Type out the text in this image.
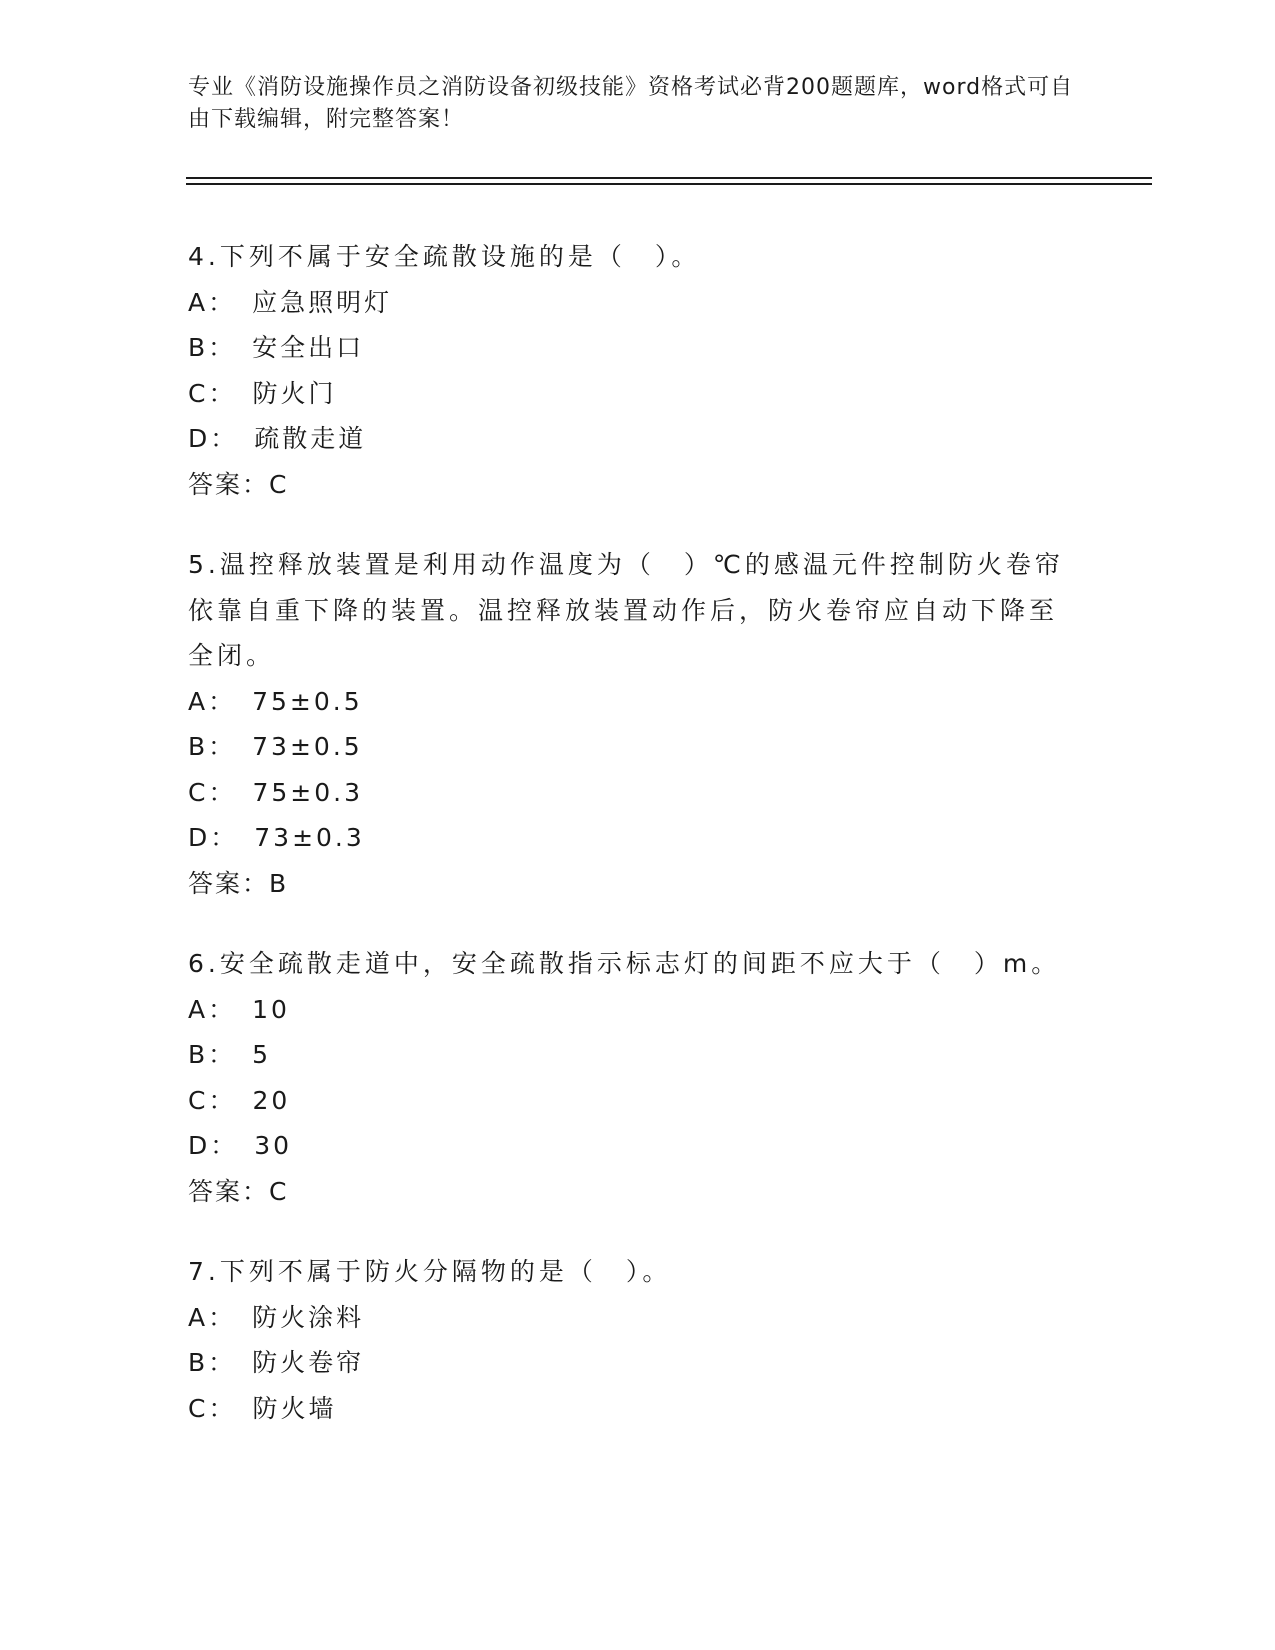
专业《消防设施操作员之消防设备初级技能》资格考试必背200题题库，word格式可自由下载编辑，附完整答案！
4.下列不属于安全疏散设施的是（　）。
A： 应急照明灯
B： 安全出口
C： 防火门
D： 疏散走道
答案：C
5.温控释放装置是利用动作温度为（　）℃的感温元件控制防火卷帘依靠自重下降的装置。温控释放装置动作后，防火卷帘应自动下降至全闭。
A： 75±0.5
B： 73±0.5
C： 75±0.3
D： 73±0.3
答案：B
6.安全疏散走道中，安全疏散指示标志灯的间距不应大于（　）m。
A： 10
B： 5
C： 20
D： 30
答案：C
7.下列不属于防火分隔物的是（　）。
A： 防火涂料
B： 防火卷帘
C： 防火墙
